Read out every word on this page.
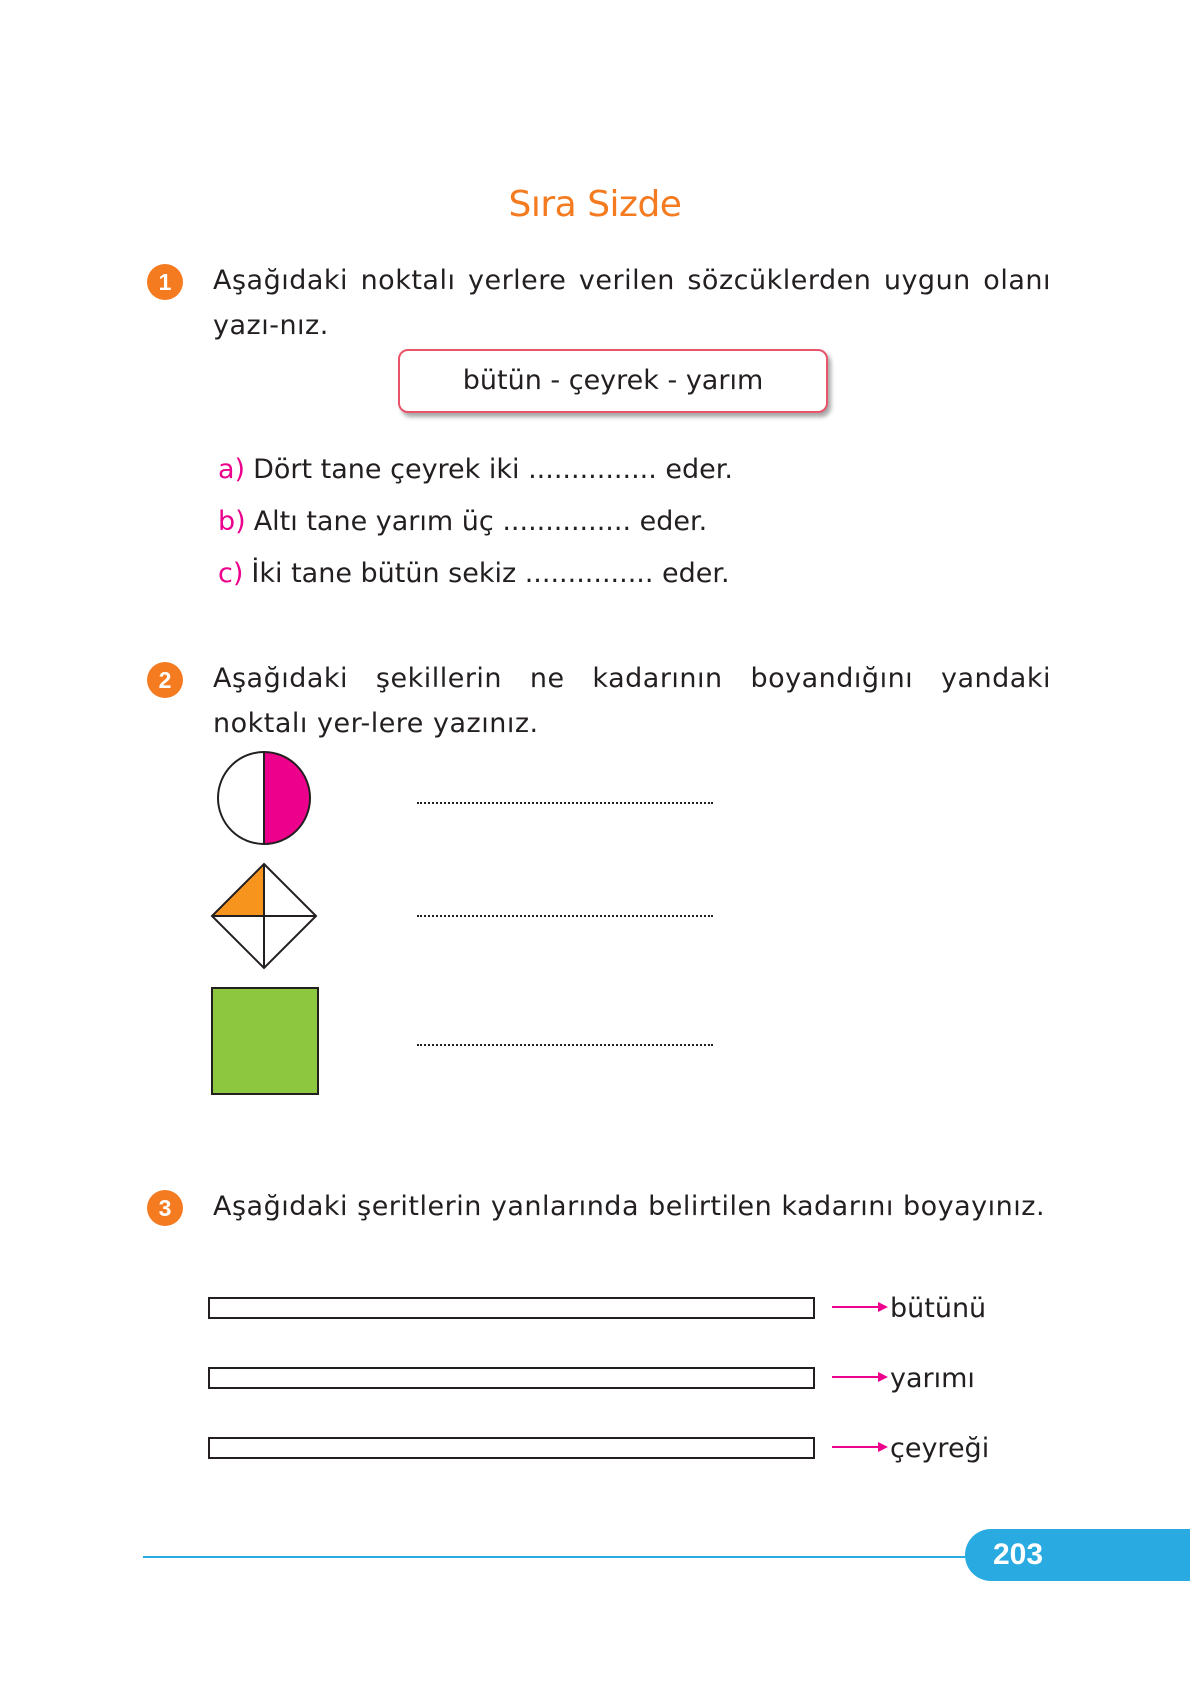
Sıra Sizde
1	Aşağıdaki noktalı yerlere verilen sözcüklerden uygun olanı yazı-nız.
bütün - çeyrek - yarım
a) Dört tane çeyrek iki ............... eder.
b) Altı tane yarım üç ............... eder.
c) İki tane bütün sekiz ............... eder.
2	Aşağıdaki şekillerin ne kadarının boyandığını yandaki noktalı yer-lere yazınız.
3	Aşağıdaki şeritlerin yanlarında belirtilen kadarını boyayınız.
bütünü
yarımı
çeyreği
203
